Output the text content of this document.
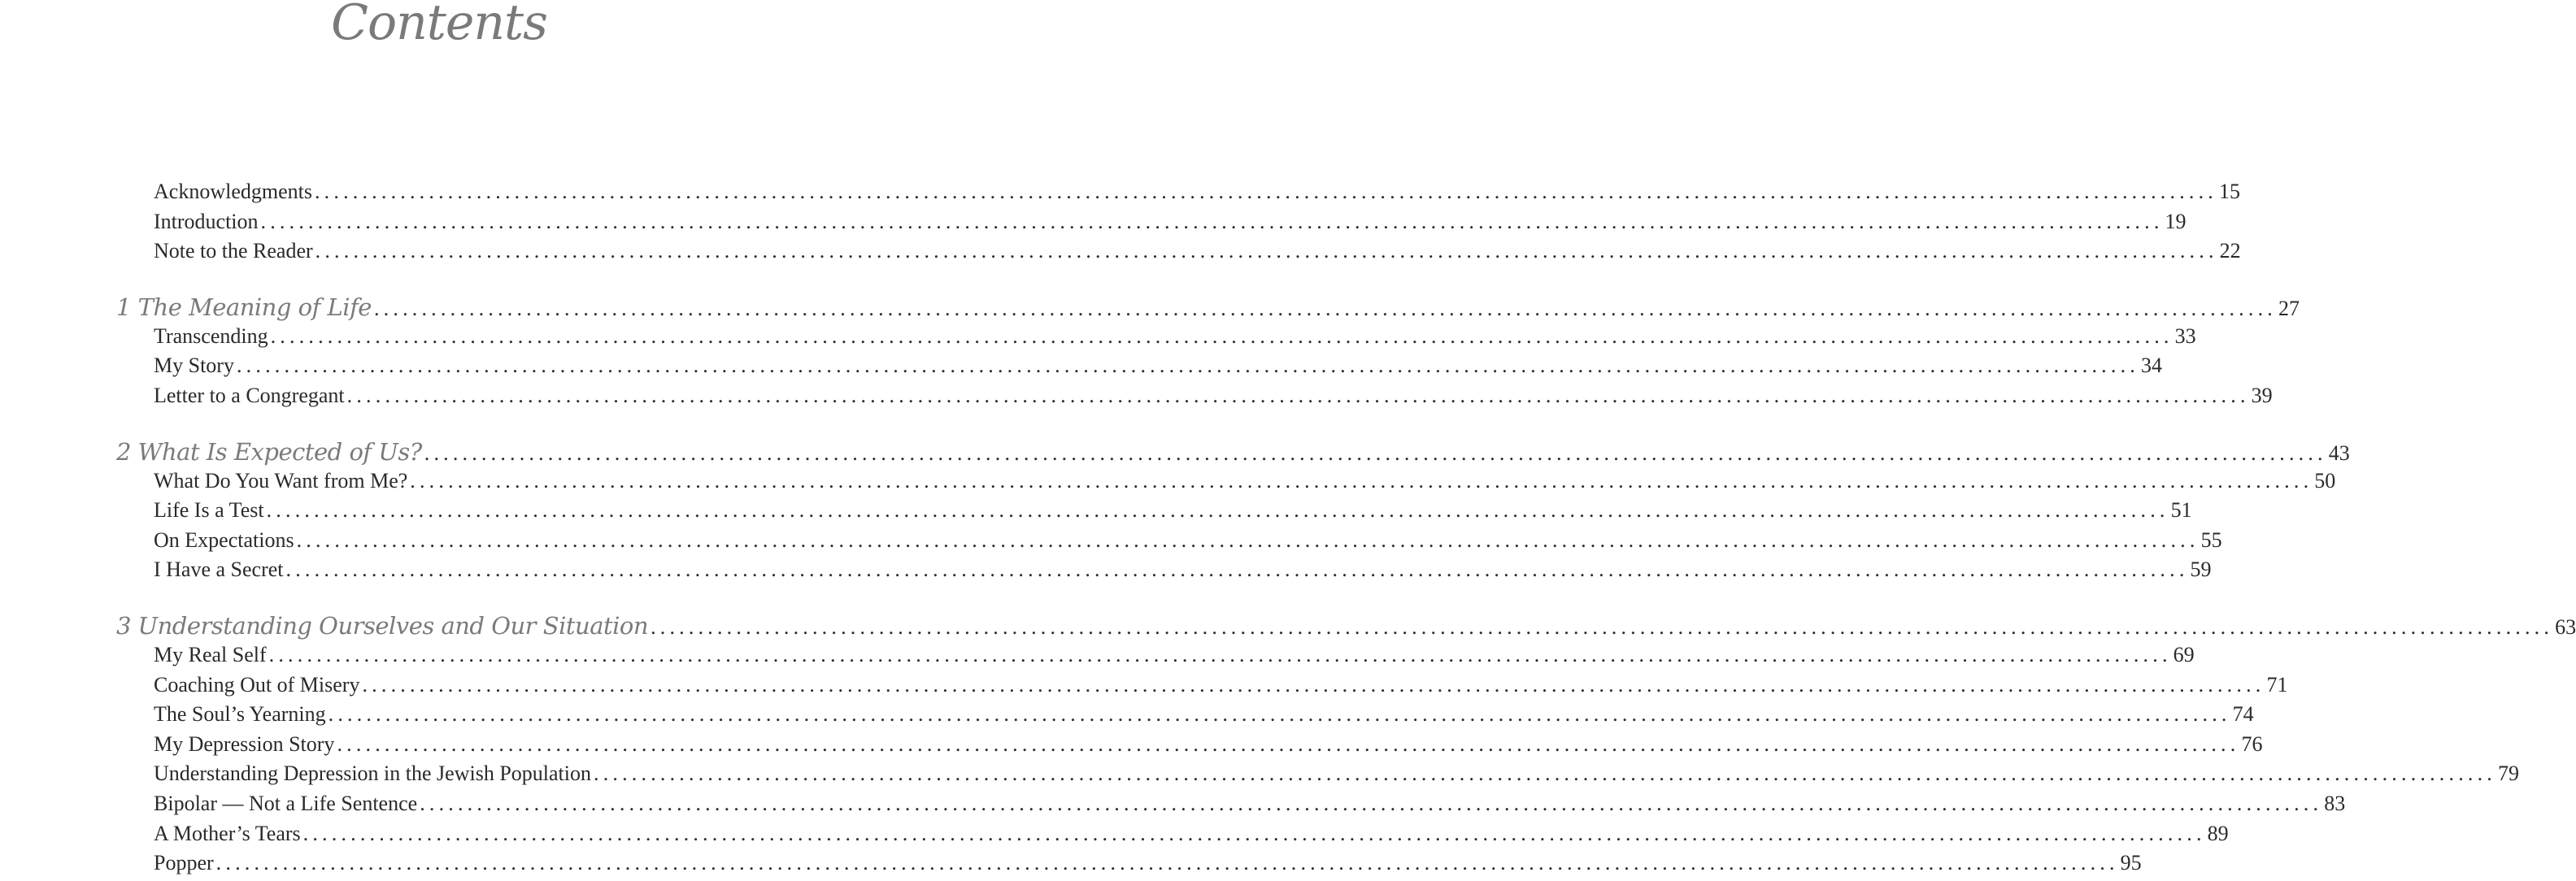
Contents
Acknowledgments ........................................................................................................................................................................................................ 15
Introduction ........................................................................................................................................................................................................ 19
Note to the Reader ........................................................................................................................................................................................................ 22
1 The Meaning of Life ........................................................................................................................................................................................................ 27
Transcending ........................................................................................................................................................................................................ 33
My Story ........................................................................................................................................................................................................ 34
Letter to a Congregant ........................................................................................................................................................................................................ 39
2 What Is Expected of Us? ........................................................................................................................................................................................................ 43
What Do You Want from Me? ........................................................................................................................................................................................................ 50
Life Is a Test ........................................................................................................................................................................................................ 51
On Expectations ........................................................................................................................................................................................................ 55
I Have a Secret ........................................................................................................................................................................................................ 59
3 Understanding Ourselves and Our Situation ........................................................................................................................................................................................................ 63
My Real Self ........................................................................................................................................................................................................ 69
Coaching Out of Misery ........................................................................................................................................................................................................ 71
The Soul’s Yearning ........................................................................................................................................................................................................ 74
My Depression Story ........................................................................................................................................................................................................ 76
Understanding Depression in the Jewish Population ........................................................................................................................................................................................................ 79
Bipolar — Not a Life Sentence ........................................................................................................................................................................................................ 83
A Mother’s Tears ........................................................................................................................................................................................................ 89
Popper ........................................................................................................................................................................................................ 95
